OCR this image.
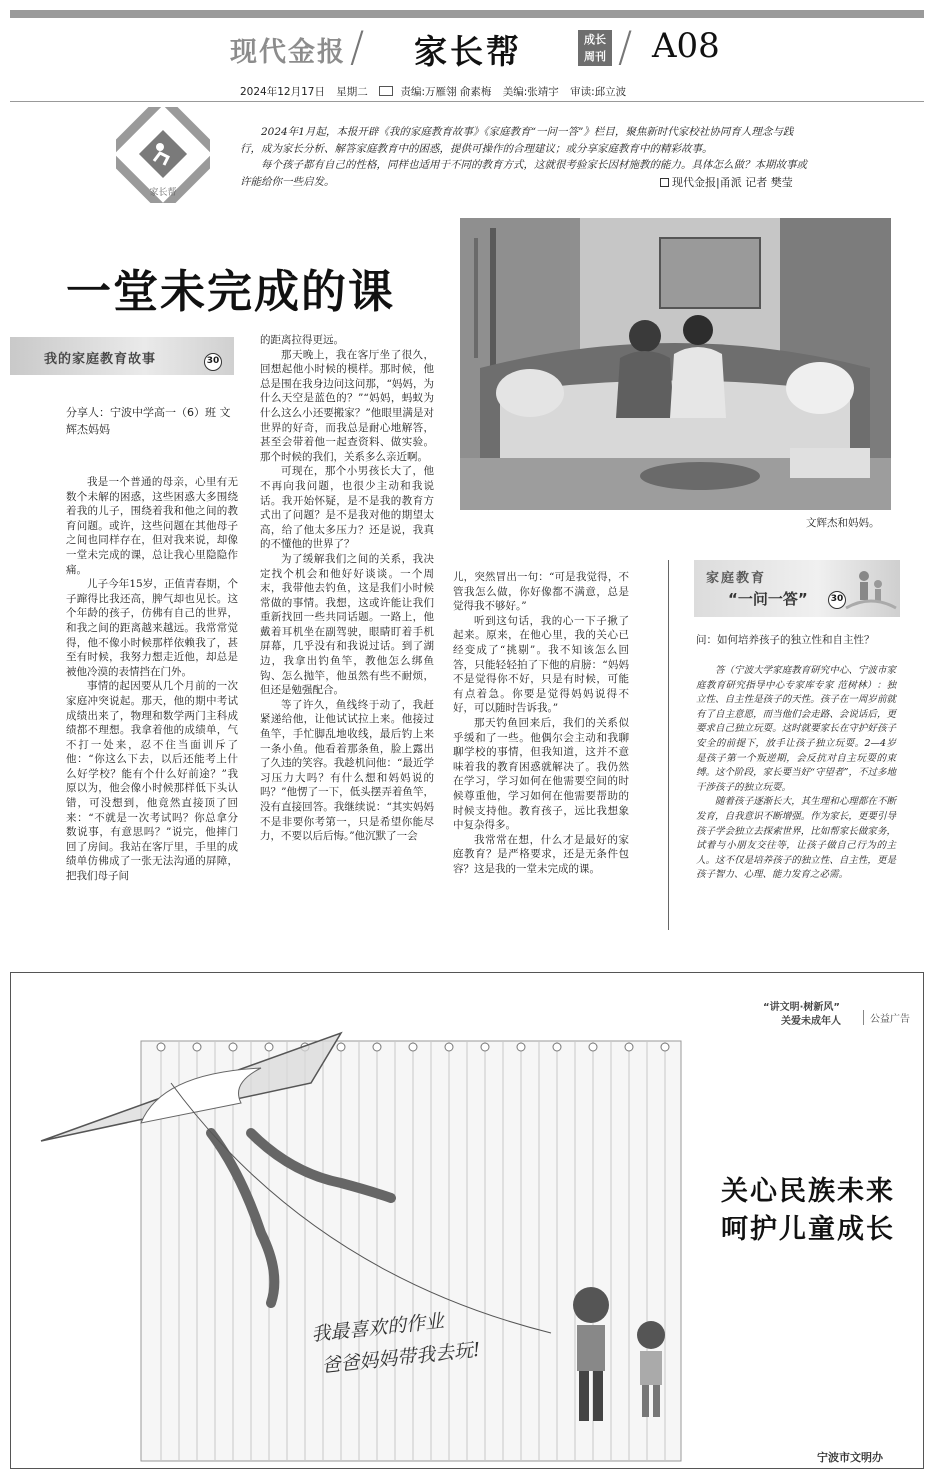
现代金报 / 家长帮	成长
周刊 / A08
2024年12月17日 星期二	责编:万雁翎 俞素梅 美编:张靖宇 审读:邱立波
家长帮

2024年1月起，本报开辟《我的家庭教育故事》《家庭教育“一问一答”》栏目，聚焦新时代家校社协同育人理念与践行，成为家长分析、解答家庭教育中的困惑，提供可操作的合理建议；或分享家庭教育中的精彩故事。

每个孩子都有自己的性格，同样也适用于不同的教育方式，这就很考验家长因材施教的能力。具体怎么做？本期故事或许能给你一些启发。	现代金报|甬派 记者 樊莹
文辉杰和妈妈。
一堂未完成的课
我的家庭教育故事	30
分享人：宁波中学高一（6）班 文辉杰妈妈

我是一个普通的母亲，心里有无数个未解的困惑，这些困惑大多围绕着我的儿子，围绕着我和他之间的教育问题。或许，这些问题在其他母子之间也同样存在，但对我来说，却像一堂未完成的课，总让我心里隐隐作痛。

儿子今年15岁，正值青春期，个子蹿得比我还高，脾气却也见长。这个年龄的孩子，仿佛有自己的世界，和我之间的距离越来越远。我常常觉得，他不像小时候那样依赖我了，甚至有时候，我努力想走近他，却总是被他冷漠的表情挡在门外。

事情的起因要从几个月前的一次家庭冲突说起。那天，他的期中考试成绩出来了，物理和数学两门主科成绩都不理想。我拿着他的成绩单，气不打一处来，忍不住当面训斥了他：“你这么下去，以后还能考上什么好学校？能有个什么好前途？”我原以为，他会像小时候那样低下头认错，可没想到，他竟然直接顶了回来：“不就是一次考试吗？你总拿分数说事，有意思吗？”说完，他摔门回了房间。我站在客厅里，手里的成绩单仿佛成了一张无法沟通的屏障，把我们母子间

的距离拉得更远。

那天晚上，我在客厅坐了很久，回想起他小时候的模样。那时候，他总是围在我身边问这问那，“妈妈，为什么天空是蓝色的？”“妈妈，蚂蚁为什么这么小还要搬家？”他眼里满是对世界的好奇，而我总是耐心地解答，甚至会带着他一起查资料、做实验。那个时候的我们，关系多么亲近啊。

可现在，那个小男孩长大了，他不再向我问题，也很少主动和我说话。我开始怀疑，是不是我的教育方式出了问题？是不是我对他的期望太高，给了他太多压力？还是说，我真的不懂他的世界了？

为了缓解我们之间的关系，我决定找个机会和他好好谈谈。一个周末，我带他去钓鱼，这是我们小时候常做的事情。我想，这或许能让我们重新找回一些共同话题。一路上，他戴着耳机坐在副驾驶，眼睛盯着手机屏幕，几乎没有和我说过话。到了湖边，我拿出钓鱼竿，教他怎么绑鱼钩、怎么抛竿，他虽然有些不耐烦，但还是勉强配合。

等了许久，鱼线终于动了，我赶紧递给他，让他试试拉上来。他接过鱼竿，手忙脚乱地收线，最后钓上来一条小鱼。他看着那条鱼，脸上露出了久违的笑容。我趁机问他：“最近学习压力大吗？有什么想和妈妈说的吗？”他愣了一下，低头摆弄着鱼竿，没有直接回答。我继续说：“其实妈妈不是非要你考第一，只是希望你能尽力，不要以后后悔。”他沉默了一会

儿，突然冒出一句：“可是我觉得，不管我怎么做，你好像都不满意，总是觉得我不够好。”

听到这句话，我的心一下子揪了起来。原来，在他心里，我的关心已经变成了“挑剔”。我不知该怎么回答，只能轻轻拍了下他的肩膀：“妈妈不是觉得你不好，只是有时候，可能有点着急。你要是觉得妈妈说得不好，可以随时告诉我。”

那天钓鱼回来后，我们的关系似乎缓和了一些。他偶尔会主动和我聊聊学校的事情，但我知道，这并不意味着我的教育困惑就解决了。我仍然在学习，学习如何在他需要空间的时候尊重他，学习如何在他需要帮助的时候支持他。教育孩子，远比我想象中复杂得多。

我常常在想，什么才是最好的家庭教育？是严格要求，还是无条件包容？这是我的一堂未完成的课。

家庭教育
“一问一答”	30
问：如何培养孩子的独立性和自主性？

答（宁波大学家庭教育研究中心、宁波市家庭教育研究指导中心专家库专家 范树林）：独立性、自主性是孩子的天性。孩子在一周岁前就有了自主意愿，而当他们会走路、会说话后，更要求自己独立玩耍。这时就要家长在守护好孩子安全的前提下，放手让孩子独立玩耍。2—4岁是孩子第一个叛逆期，会反抗对自主玩耍的束缚。这个阶段，家长要当好“守望者”，不过多地干涉孩子的独立玩耍。

随着孩子逐渐长大，其生理和心理都在不断发育，自我意识不断增强。作为家长，更要引导孩子学会独立去探索世界，比如帮家长做家务，试着与小朋友交往等，让孩子做自己行为的主人。这不仅是培养孩子的独立性、自主性，更是孩子智力、心理、能力发育之必需。

“讲文明·树新风”
关爱未成年人	公益广告
关心民族未来
呵护儿童成长
我最喜欢的作业
爸爸妈妈带我去玩!
宁波市文明办
